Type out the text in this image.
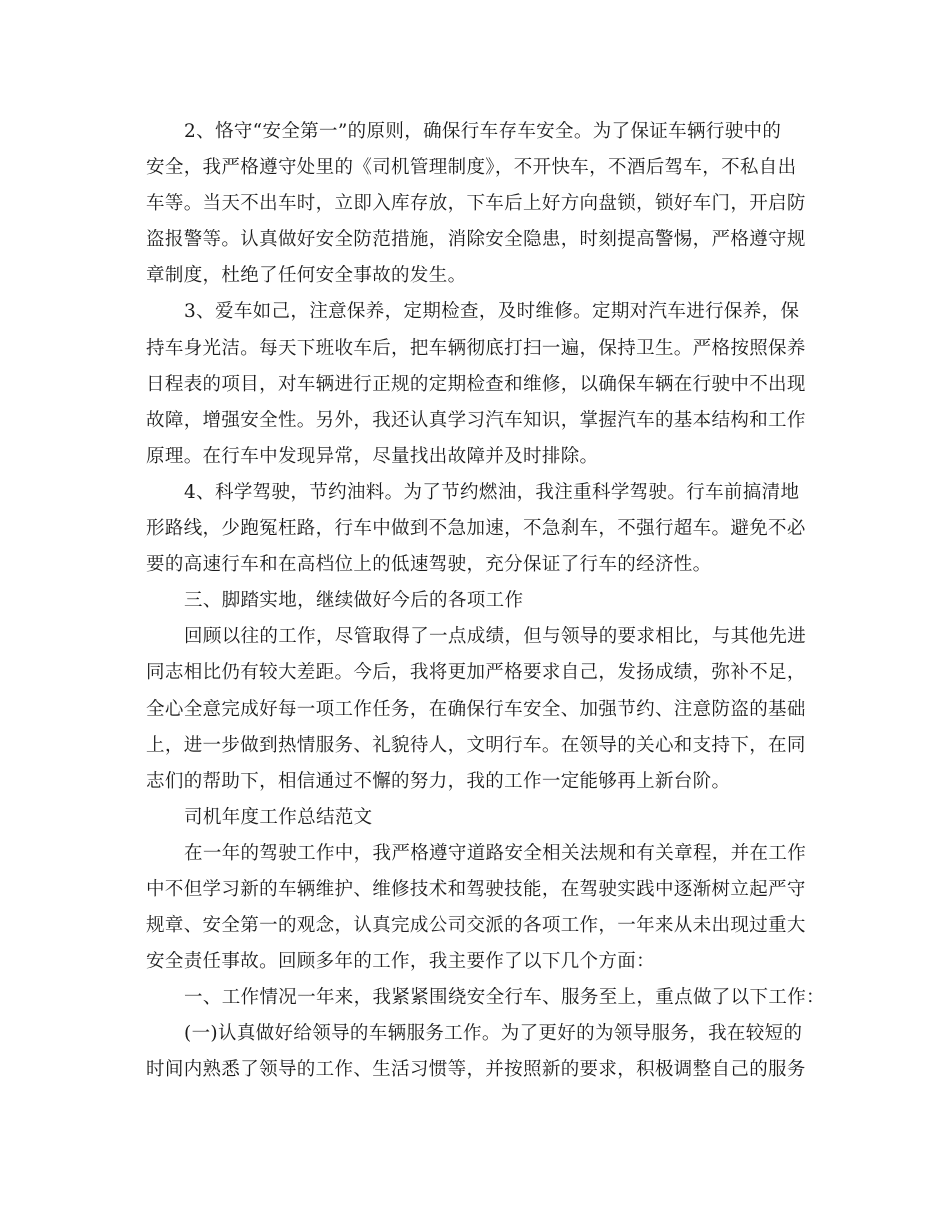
2、恪守“安全第一”的原则，确保行车存车安全。为了保证车辆行驶中的
安全，我严格遵守处里的《司机管理制度》，不开快车，不酒后驾车，不私自出
车等。当天不出车时，立即入库存放，下车后上好方向盘锁，锁好车门，开启防
盗报警等。认真做好安全防范措施，消除安全隐患，时刻提高警惕，严格遵守规
章制度，杜绝了任何安全事故的发生。
3、爱车如己，注意保养，定期检查，及时维修。定期对汽车进行保养，保
持车身光洁。每天下班收车后，把车辆彻底打扫一遍，保持卫生。严格按照保养
日程表的项目，对车辆进行正规的定期检查和维修，以确保车辆在行驶中不出现
故障，增强安全性。另外，我还认真学习汽车知识，掌握汽车的基本结构和工作
原理。在行车中发现异常，尽量找出故障并及时排除。
4、科学驾驶，节约油料。为了节约燃油，我注重科学驾驶。行车前搞清地
形路线，少跑冤枉路，行车中做到不急加速，不急刹车，不强行超车。避免不必
要的高速行车和在高档位上的低速驾驶，充分保证了行车的经济性。
三、脚踏实地，继续做好今后的各项工作
回顾以往的工作，尽管取得了一点成绩，但与领导的要求相比，与其他先进
同志相比仍有较大差距。今后，我将更加严格要求自己，发扬成绩，弥补不足，
全心全意完成好每一项工作任务，在确保行车安全、加强节约、注意防盗的基础
上，进一步做到热情服务、礼貌待人，文明行车。在领导的关心和支持下，在同
志们的帮助下，相信通过不懈的努力，我的工作一定能够再上新台阶。
司机年度工作总结范文
在一年的驾驶工作中，我严格遵守道路安全相关法规和有关章程，并在工作
中不但学习新的车辆维护、维修技术和驾驶技能，在驾驶实践中逐渐树立起严守
规章、安全第一的观念，认真完成公司交派的各项工作，一年来从未出现过重大
安全责任事故。回顾多年的工作，我主要作了以下几个方面：
一、工作情况一年来，我紧紧围绕安全行车、服务至上，重点做了以下工作：
(一)认真做好给领导的车辆服务工作。为了更好的为领导服务，我在较短的
时间内熟悉了领导的工作、生活习惯等，并按照新的要求，积极调整自己的服务
